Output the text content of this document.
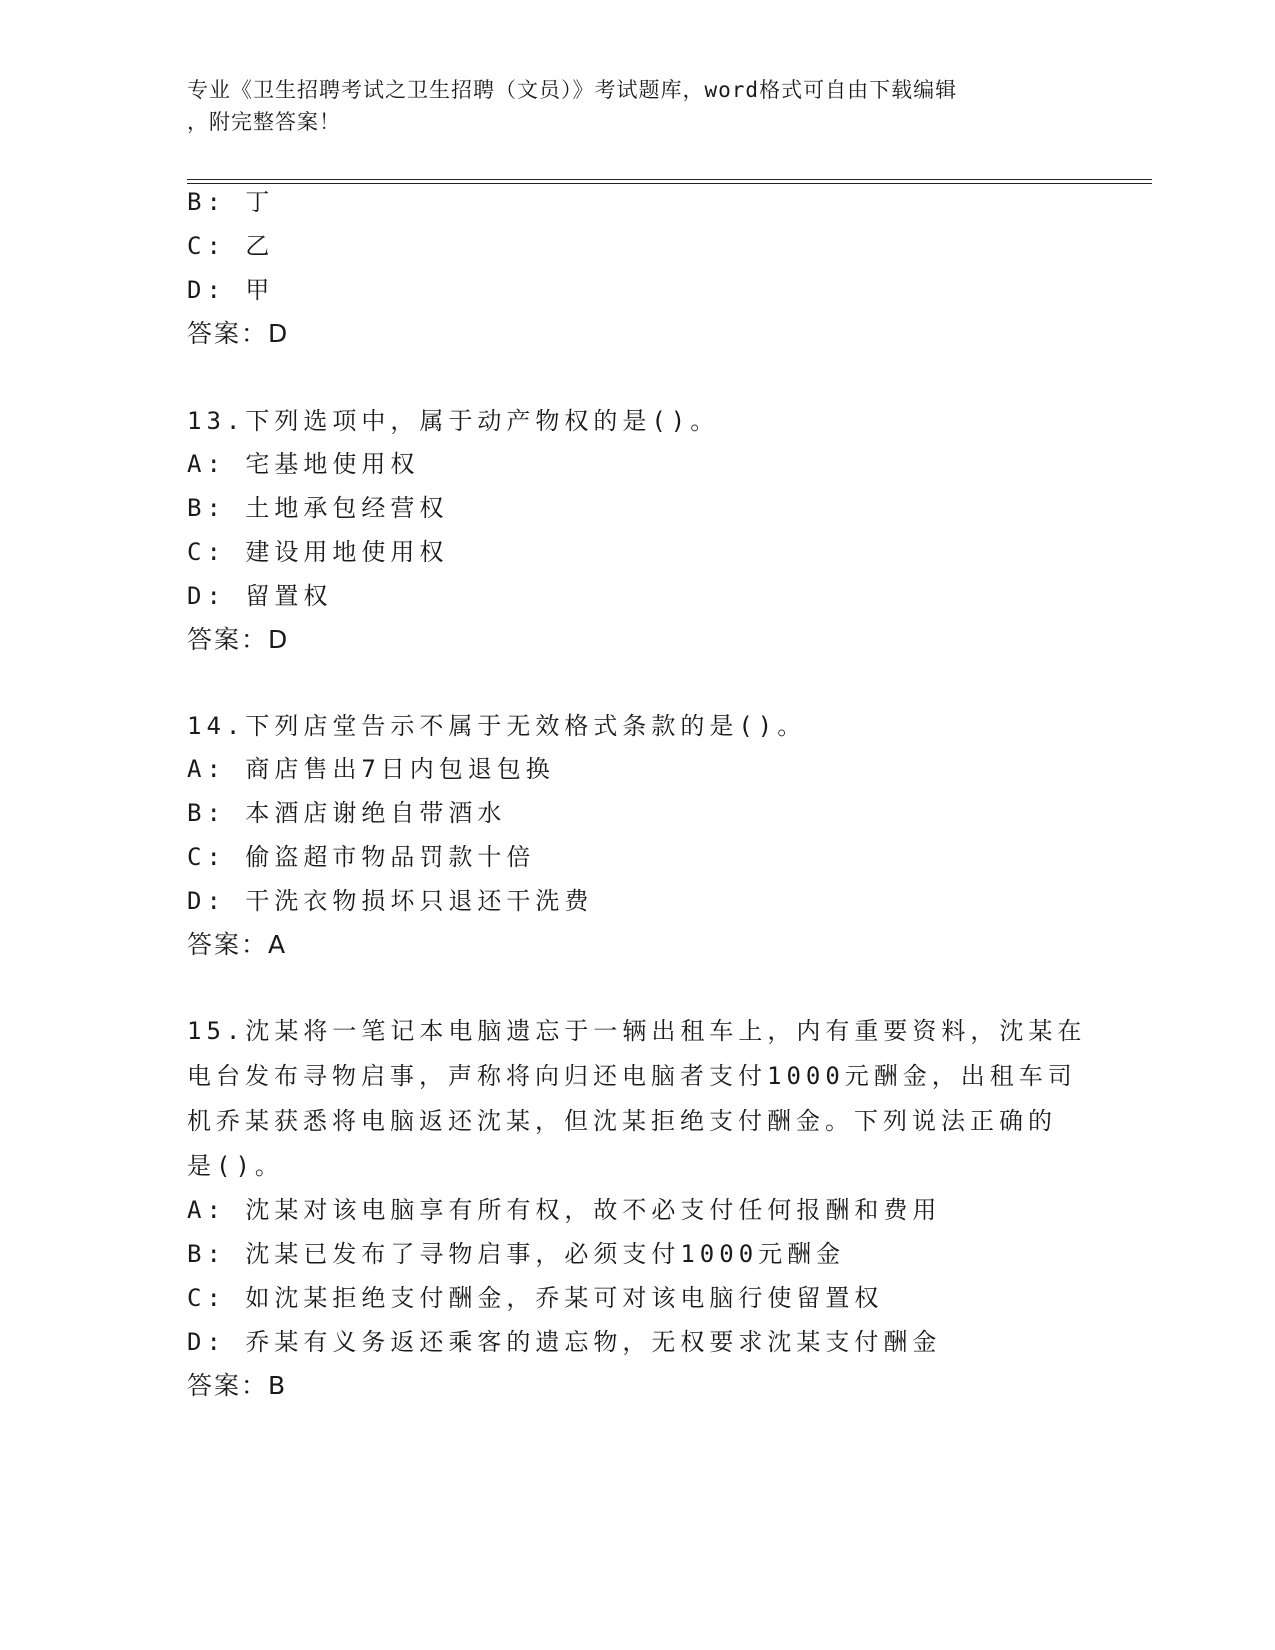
专业《卫生招聘考试之卫生招聘（文员）》考试题库，word格式可自由下载编辑
，附完整答案！
B: 丁
C: 乙
D: 甲
答案：D
13.下列选项中，属于动产物权的是()。
A: 宅基地使用权
B: 土地承包经营权
C: 建设用地使用权
D: 留置权
答案：D
14.下列店堂告示不属于无效格式条款的是()。
A: 商店售出7日内包退包换
B: 本酒店谢绝自带酒水
C: 偷盗超市物品罚款十倍
D: 干洗衣物损坏只退还干洗费
答案：A
15.沈某将一笔记本电脑遗忘于一辆出租车上，内有重要资料，沈某在
电台发布寻物启事，声称将向归还电脑者支付1000元酬金，出租车司
机乔某获悉将电脑返还沈某，但沈某拒绝支付酬金。下列说法正确的
是()。
A: 沈某对该电脑享有所有权，故不必支付任何报酬和费用
B: 沈某已发布了寻物启事，必须支付1000元酬金
C: 如沈某拒绝支付酬金，乔某可对该电脑行使留置权
D: 乔某有义务返还乘客的遗忘物，无权要求沈某支付酬金
答案：B
